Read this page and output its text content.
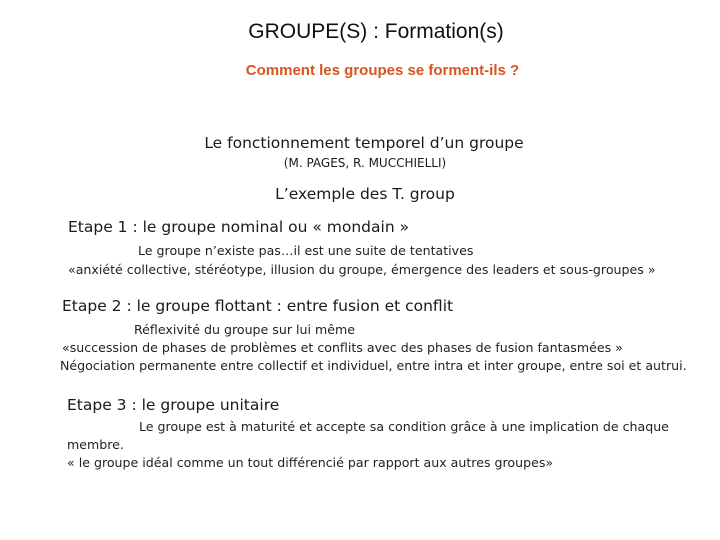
GROUPE(S) : Formation(s)
Comment les groupes se forment-ils ?
Le fonctionnement temporel d’un groupe
(M. PAGES, R. MUCCHIELLI)
L’exemple des T. group
Etape 1 : le groupe nominal ou « mondain »
Le groupe n’existe pas…il est une suite de tentatives
«anxiété collective, stéréotype, illusion du groupe, émergence des leaders et sous-groupes »
Etape 2 : le groupe flottant : entre fusion et conflit
Réflexivité du groupe sur lui même
«succession de phases de problèmes et conflits avec des phases de fusion fantasmées »
Négociation permanente entre collectif et individuel, entre intra et inter groupe, entre soi et autrui.
Etape 3 : le groupe unitaire
Le groupe est à maturité et accepte sa condition grâce à une implication de chaque
membre.
« le groupe idéal comme un tout différencié par rapport aux autres groupes»
